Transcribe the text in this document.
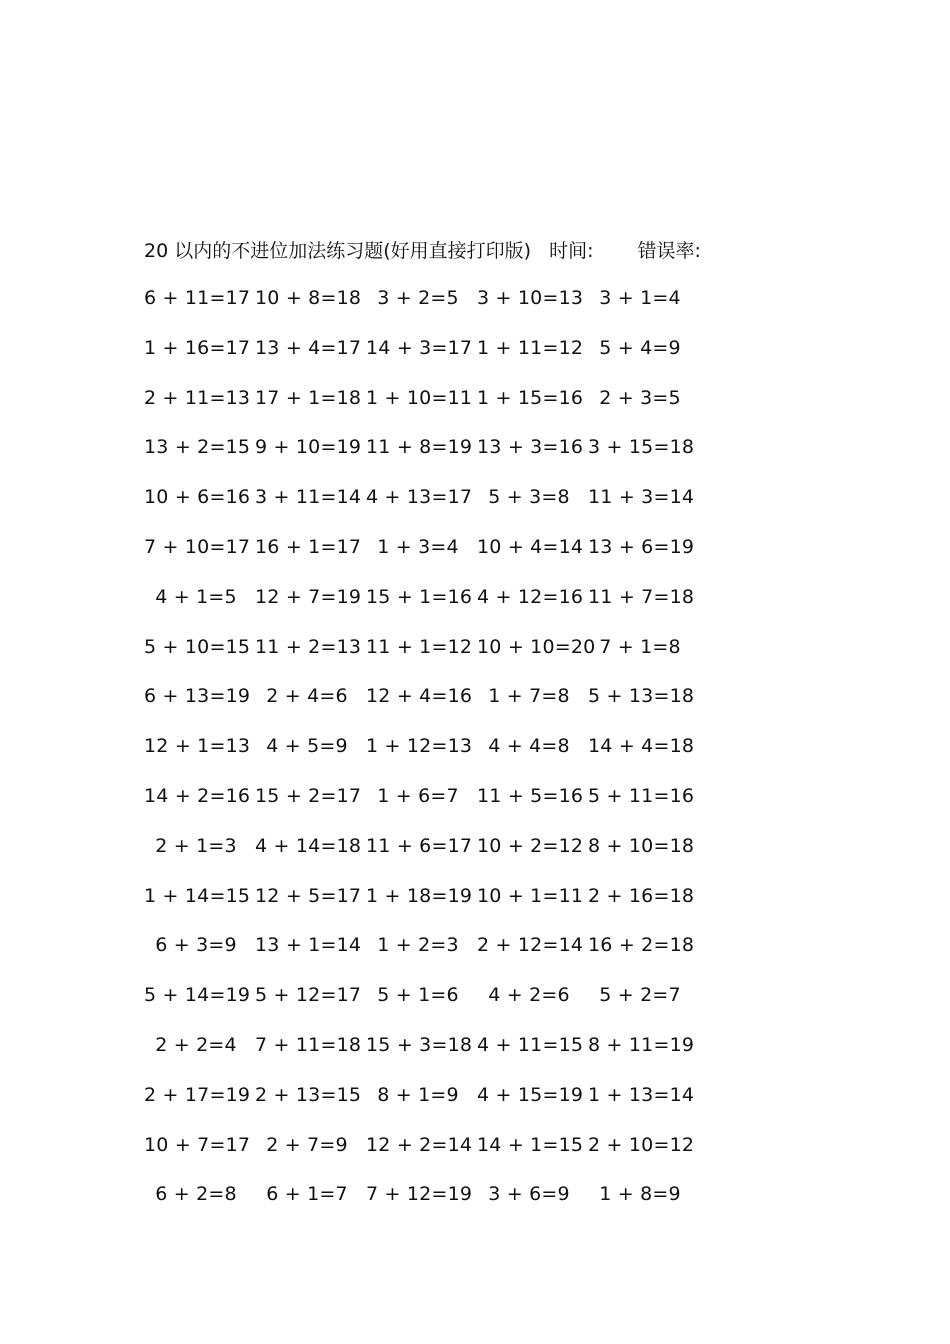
20 以内的不进位加法练习题(好用直接打印版) 时间: 错误率:
6 + 11=17 10 + 8=18 3 + 2=5 3 + 10=13 3 + 1=4
1 + 16=17 13 + 4=17 14 + 3=17 1 + 11=12 5 + 4=9
2 + 11=13 17 + 1=18 1 + 10=11 1 + 15=16 2 + 3=5
13 + 2=15 9 + 10=19 11 + 8=19 13 + 3=16 3 + 15=18
10 + 6=16 3 + 11=14 4 + 13=17 5 + 3=8 11 + 3=14
7 + 10=17 16 + 1=17 1 + 3=4 10 + 4=14 13 + 6=19
4 + 1=5 12 + 7=19 15 + 1=16 4 + 12=16 11 + 7=18
5 + 10=15 11 + 2=13 11 + 1=12 10 + 10=20 7 + 1=8
6 + 13=19 2 + 4=6 12 + 4=16 1 + 7=8 5 + 13=18
12 + 1=13 4 + 5=9 1 + 12=13 4 + 4=8 14 + 4=18
14 + 2=16 15 + 2=17 1 + 6=7 11 + 5=16 5 + 11=16
2 + 1=3 4 + 14=18 11 + 6=17 10 + 2=12 8 + 10=18
1 + 14=15 12 + 5=17 1 + 18=19 10 + 1=11 2 + 16=18
6 + 3=9 13 + 1=14 1 + 2=3 2 + 12=14 16 + 2=18
5 + 14=19 5 + 12=17 5 + 1=6	4 + 2=6	5 + 2=7
2 + 2=4 7 + 11=18 15 + 3=18 4 + 11=15 8 + 11=19
2 + 17=19 2 + 13=15 8 + 1=9 4 + 15=19 1 + 13=14
10 + 7=17 2 + 7=9 12 + 2=14 14 + 1=15 2 + 10=12
6 + 2=8	6 + 1=7 7 + 12=19 3 + 6=9	1 + 8=9
